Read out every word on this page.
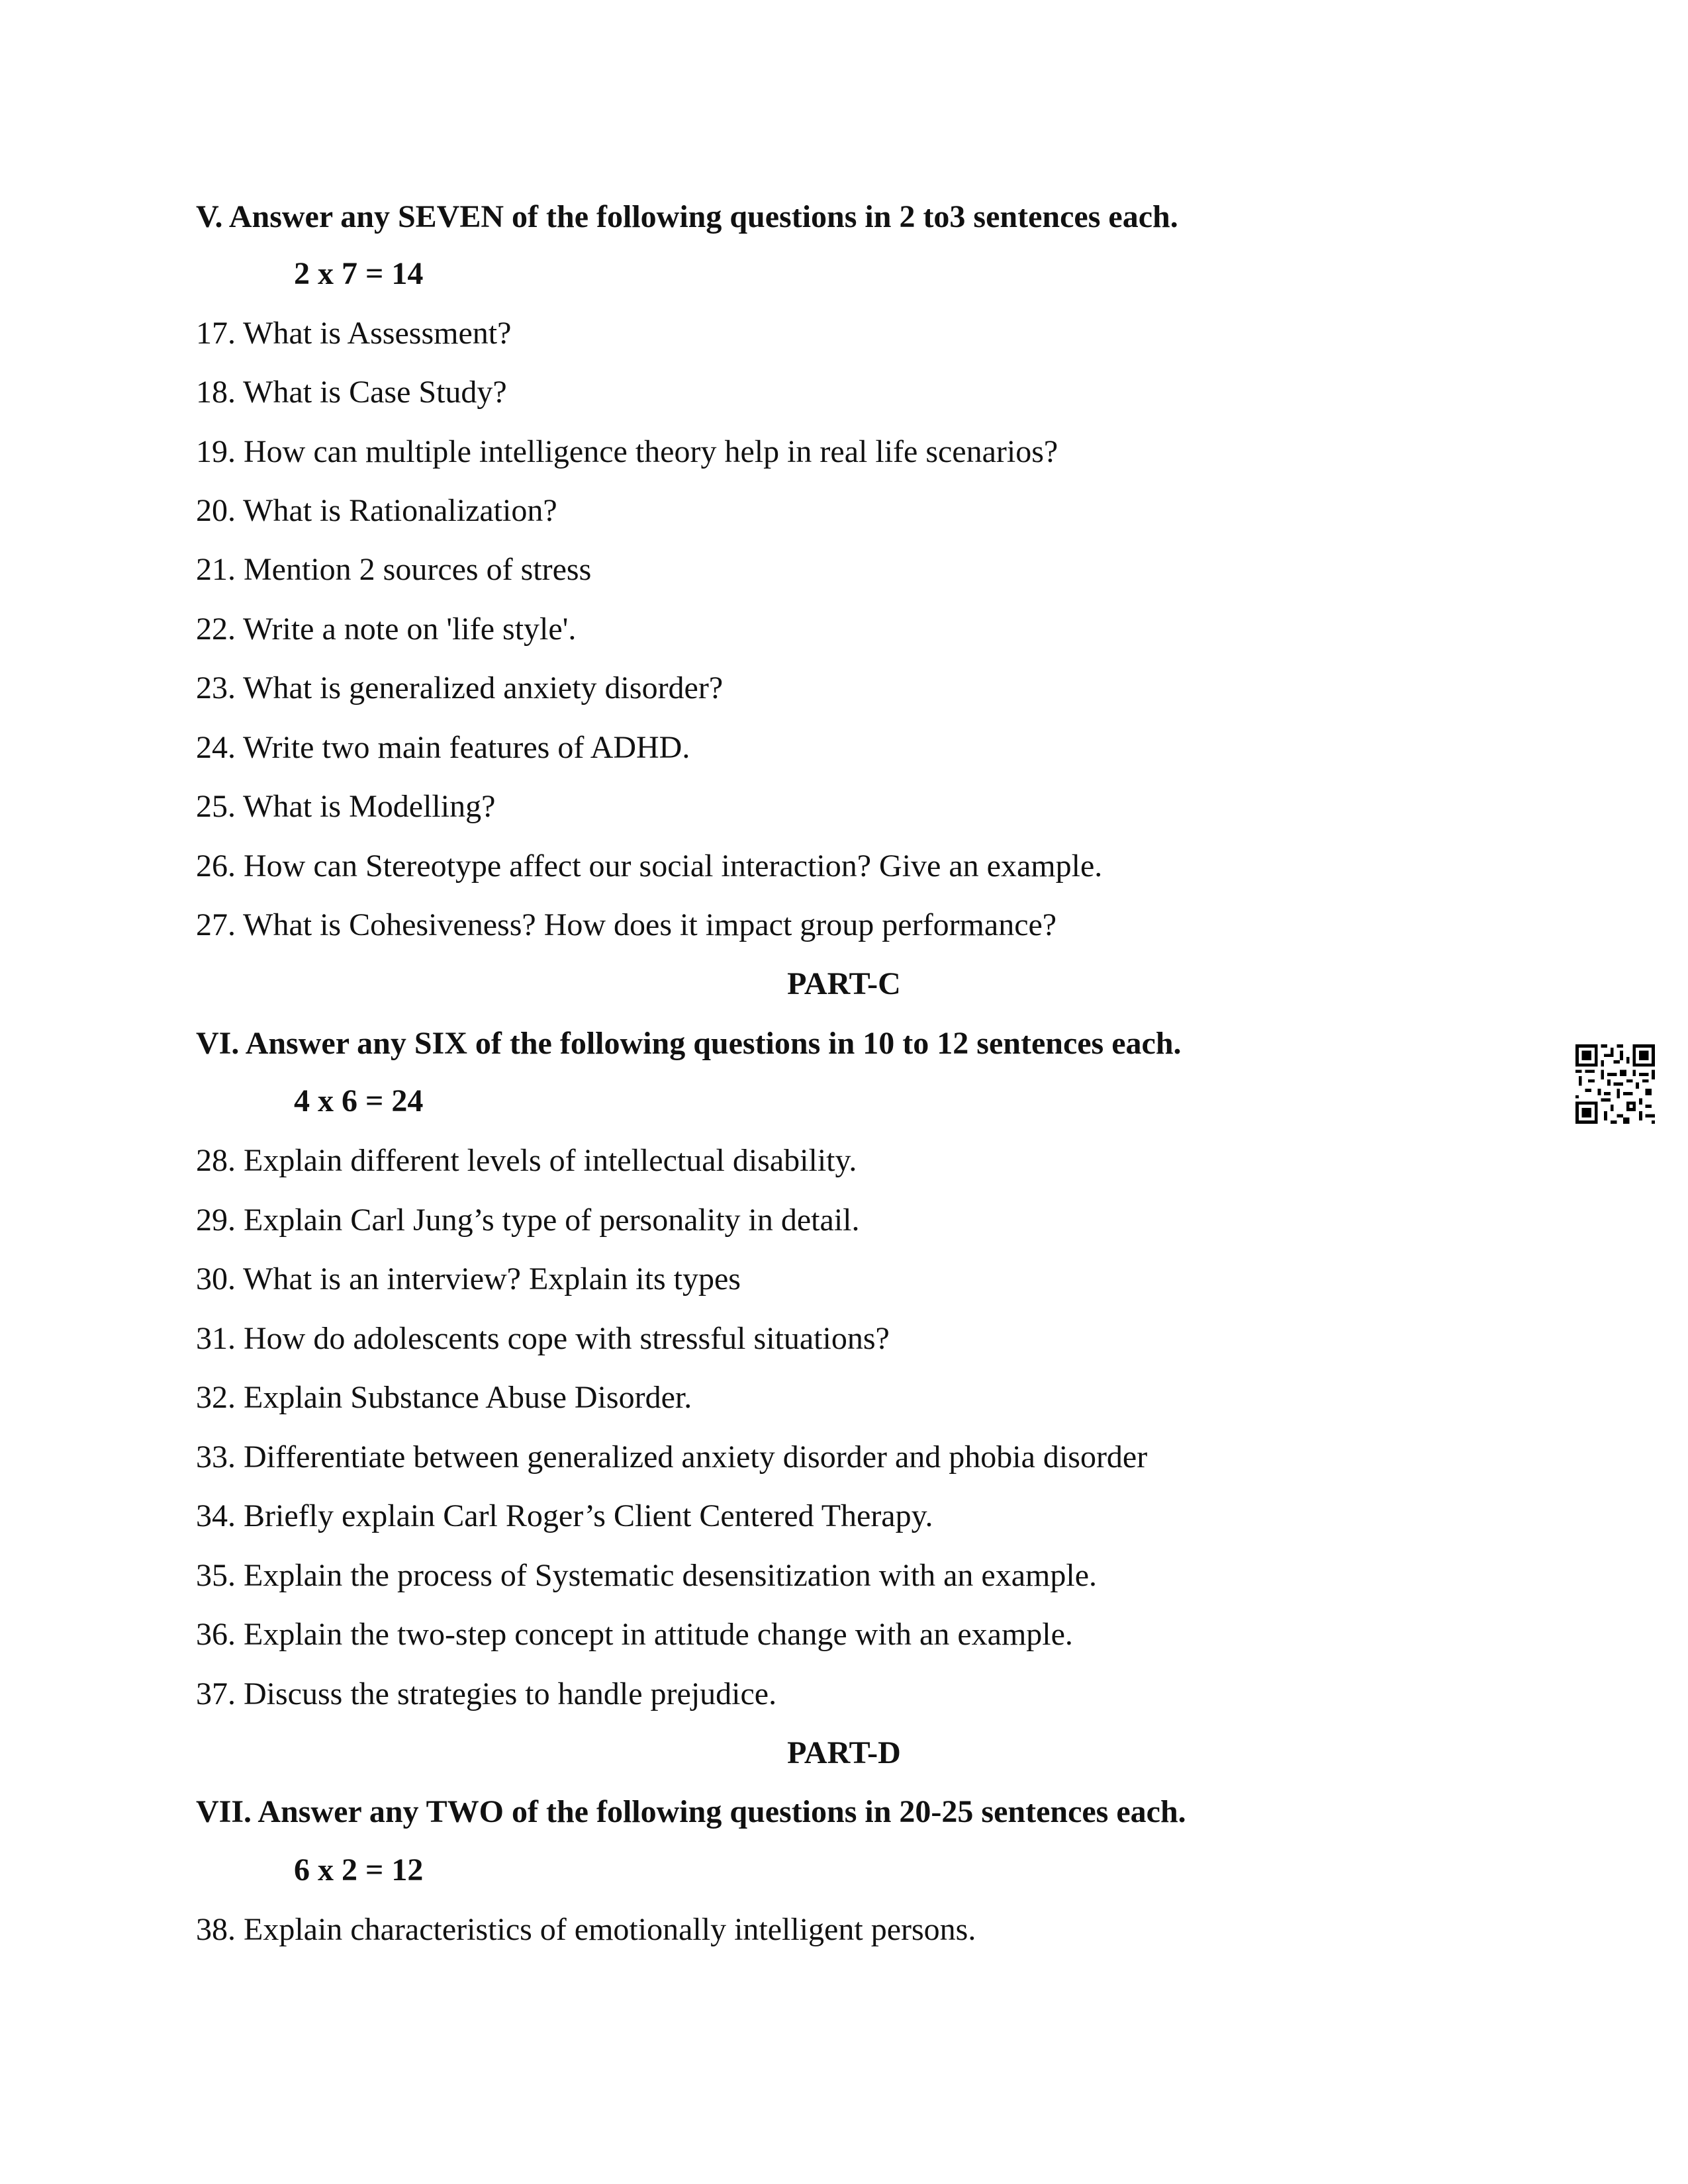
V. Answer any SEVEN of the following questions in 2 to3 sentences each.
2 x 7 = 14
17. What is Assessment?
18. What is Case Study?
19. How can multiple intelligence theory help in real life scenarios?
20. What is Rationalization?
21. Mention 2 sources of stress
22. Write a note on 'life style'.
23. What is generalized anxiety disorder?
24. Write two main features of ADHD.
25. What is Modelling?
26. How can Stereotype affect our social interaction? Give an example.
27. What is Cohesiveness? How does it impact group performance?
PART-C
VI. Answer any SIX of the following questions in 10 to 12 sentences each.
4 x 6 = 24
28. Explain different levels of intellectual disability.
29. Explain Carl Jung’s type of personality in detail.
30. What is an interview? Explain its types
31. How do adolescents cope with stressful situations?
32. Explain Substance Abuse Disorder.
33. Differentiate between generalized anxiety disorder and phobia disorder
34. Briefly explain Carl Roger’s Client Centered Therapy.
35. Explain the process of Systematic desensitization with an example.
36. Explain the two-step concept in attitude change with an example.
37. Discuss the strategies to handle prejudice.
PART-D
VII. Answer any TWO of the following questions in 20-25 sentences each.
6 x 2 = 12
38. Explain characteristics of emotionally intelligent persons.
